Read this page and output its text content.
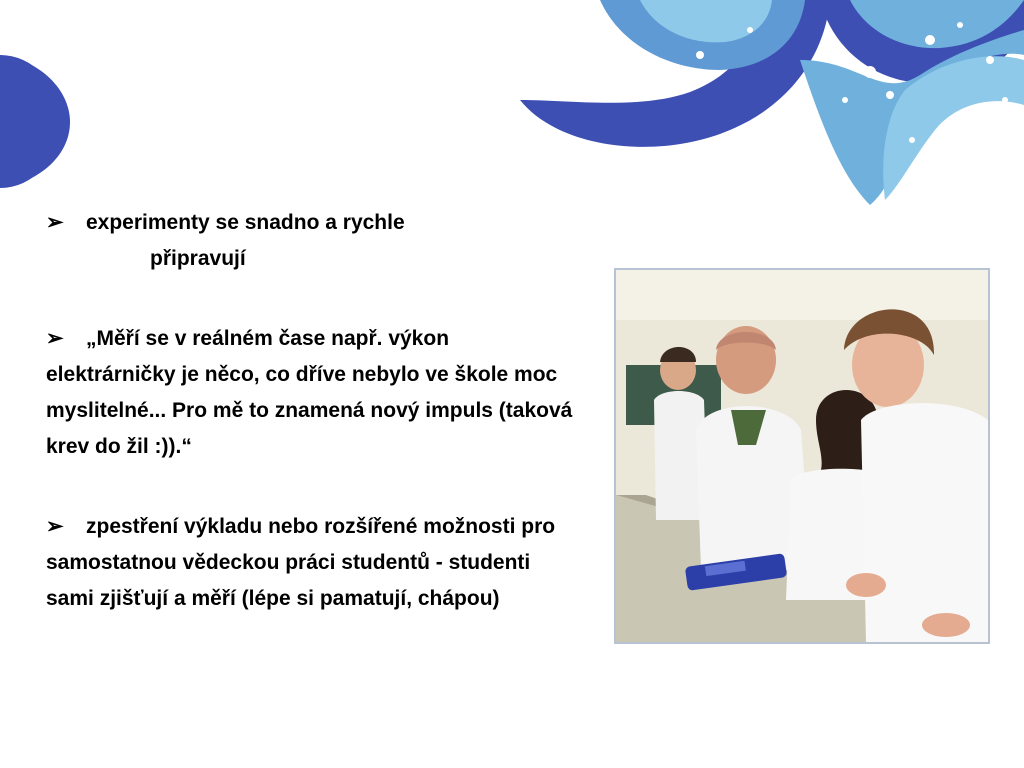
➢ experimenty se snadno a rychle
připravují
➢ „Měří se v reálném čase např. výkon elektrárničky je něco, co dříve nebylo ve škole moc myslitelné... Pro mě to znamená nový impuls (taková krev do žil :)).“
➢ zpestření výkladu nebo rozšířené možnosti pro samostatnou vědeckou práci studentů - studenti sami zjišťují a měří (lépe si pamatují, chápou)
